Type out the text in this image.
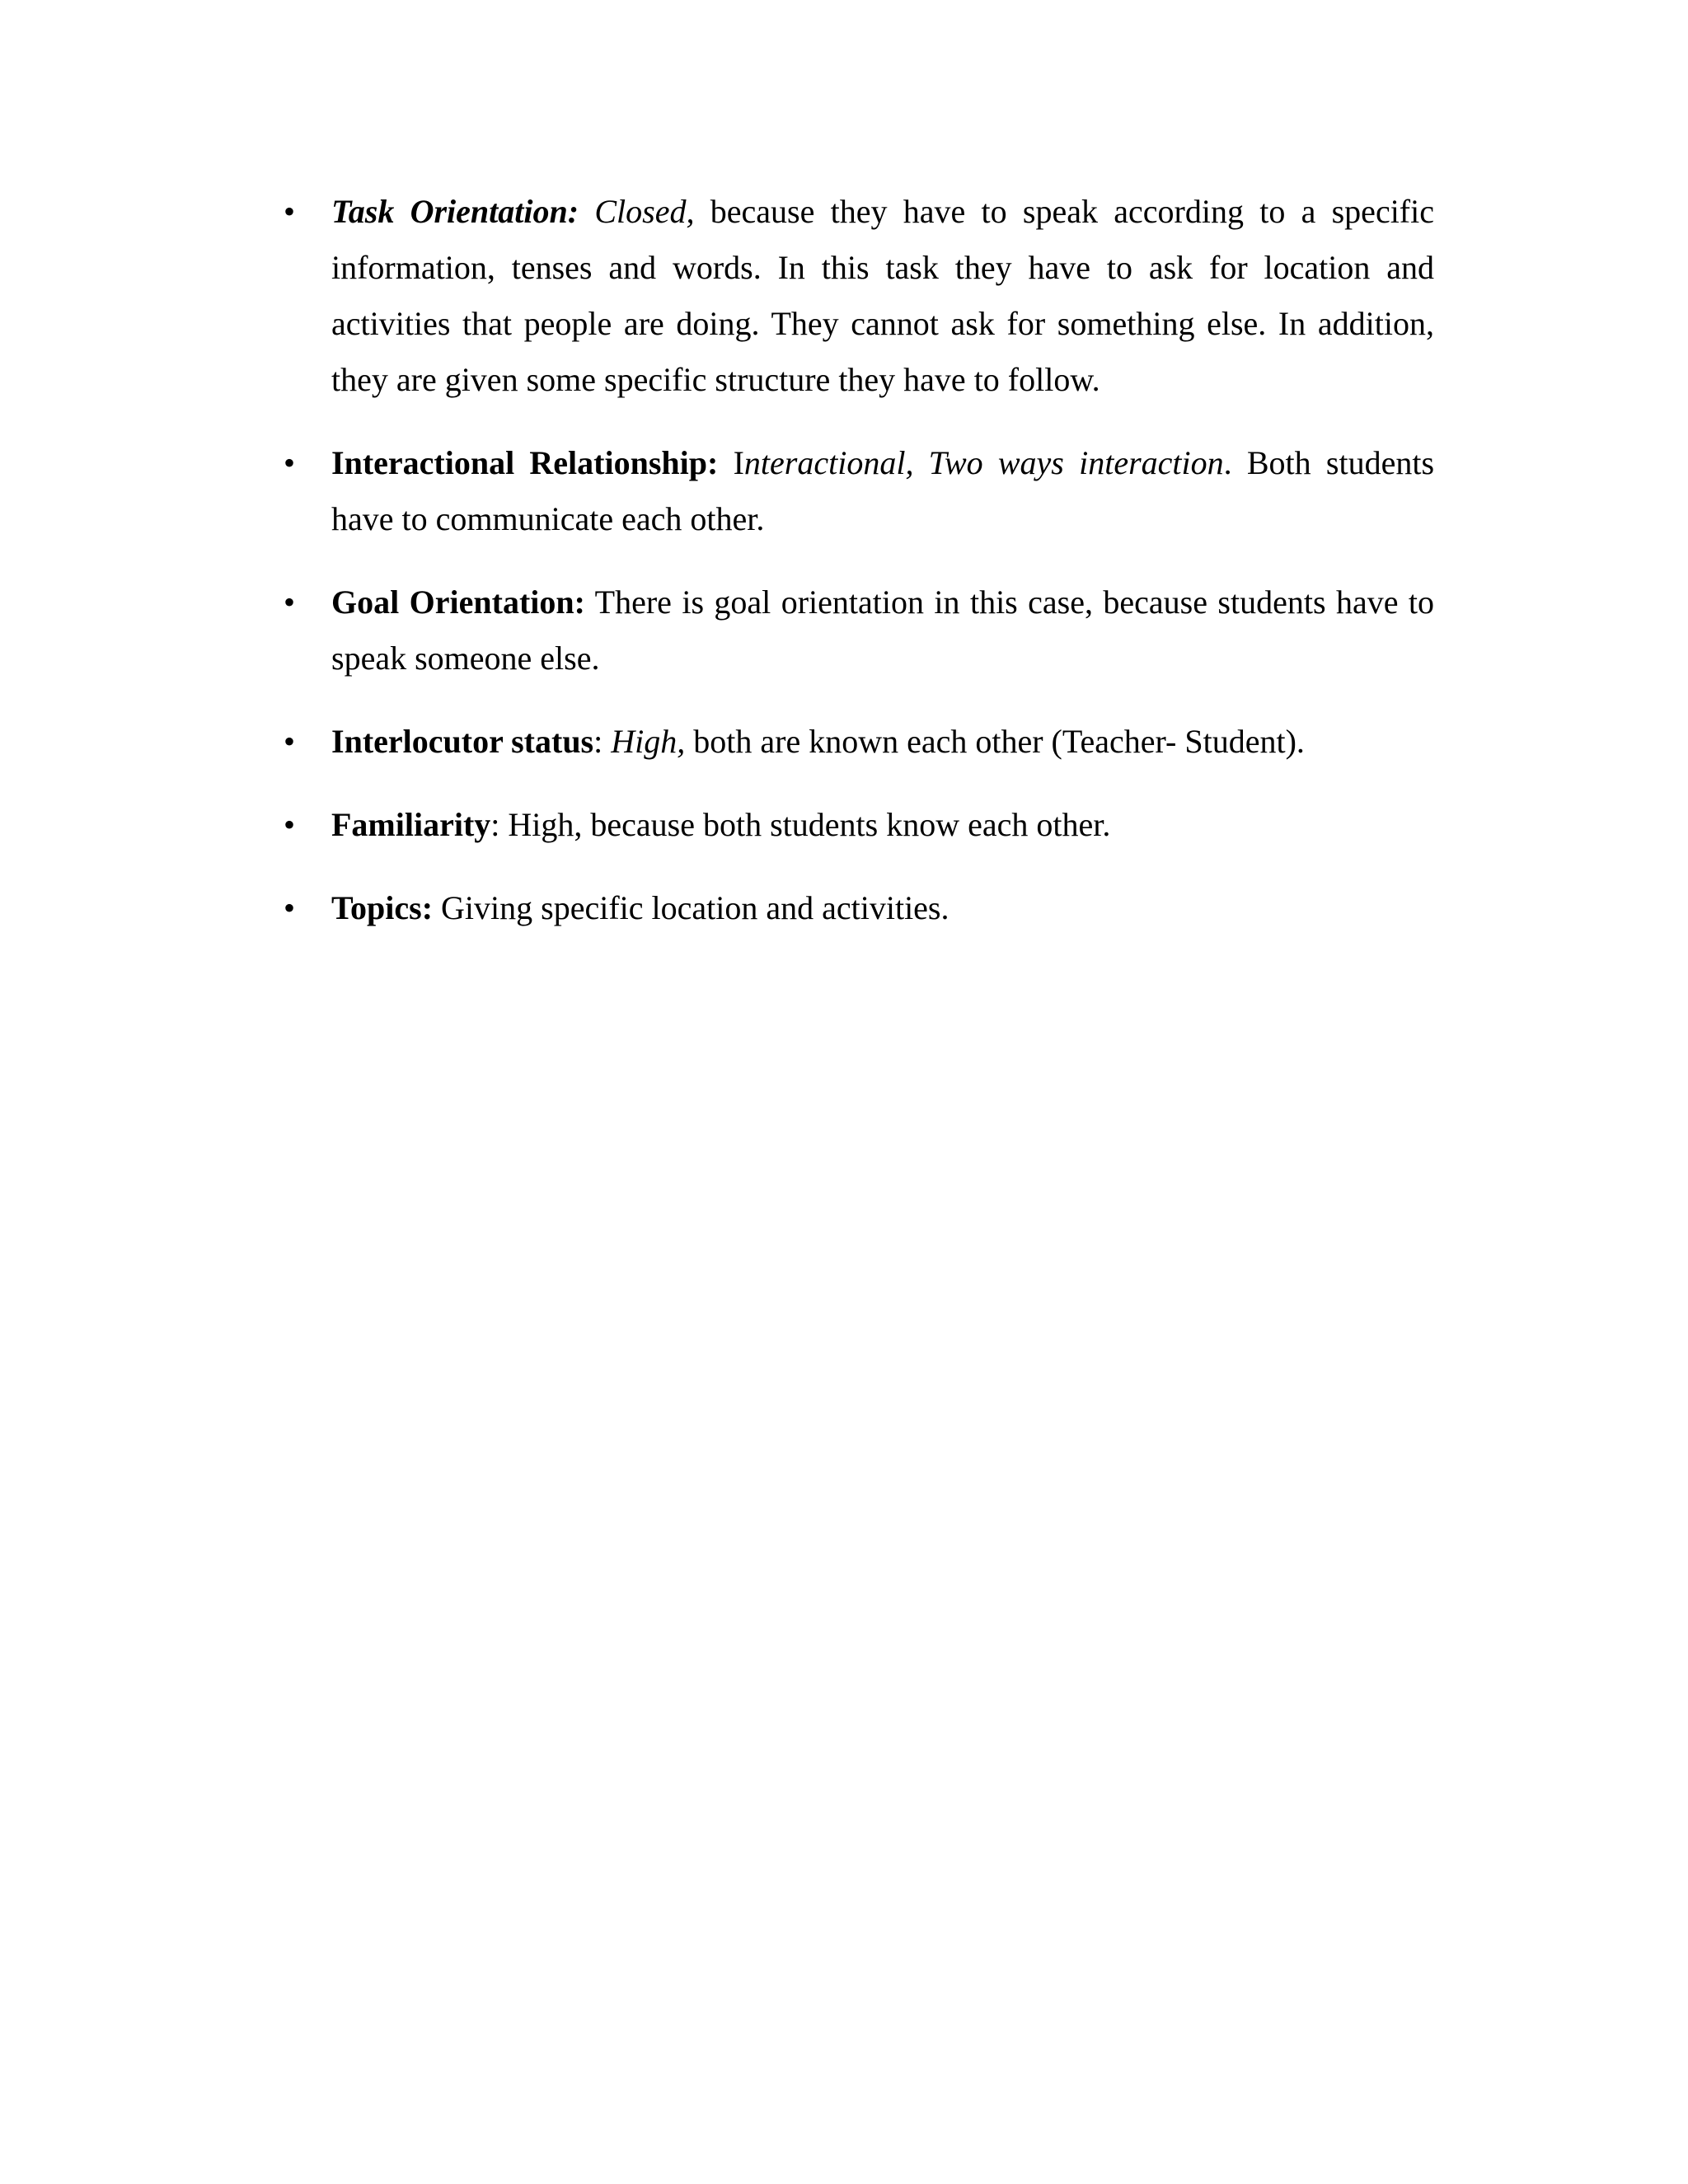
• Task Orientation: Closed, because they have to speak according to a specific information, tenses and words. In this task they have to ask for location and activities that people are doing. They cannot ask for something else. In addition, they are given some specific structure they have to follow.
• Interactional Relationship: Interactional, Two ways interaction. Both students have to communicate each other.
• Goal Orientation: There is goal orientation in this case, because students have to speak someone else.
• Interlocutor status: High, both are known each other (Teacher- Student).
• Familiarity: High, because both students know each other.
• Topics: Giving specific location and activities.
